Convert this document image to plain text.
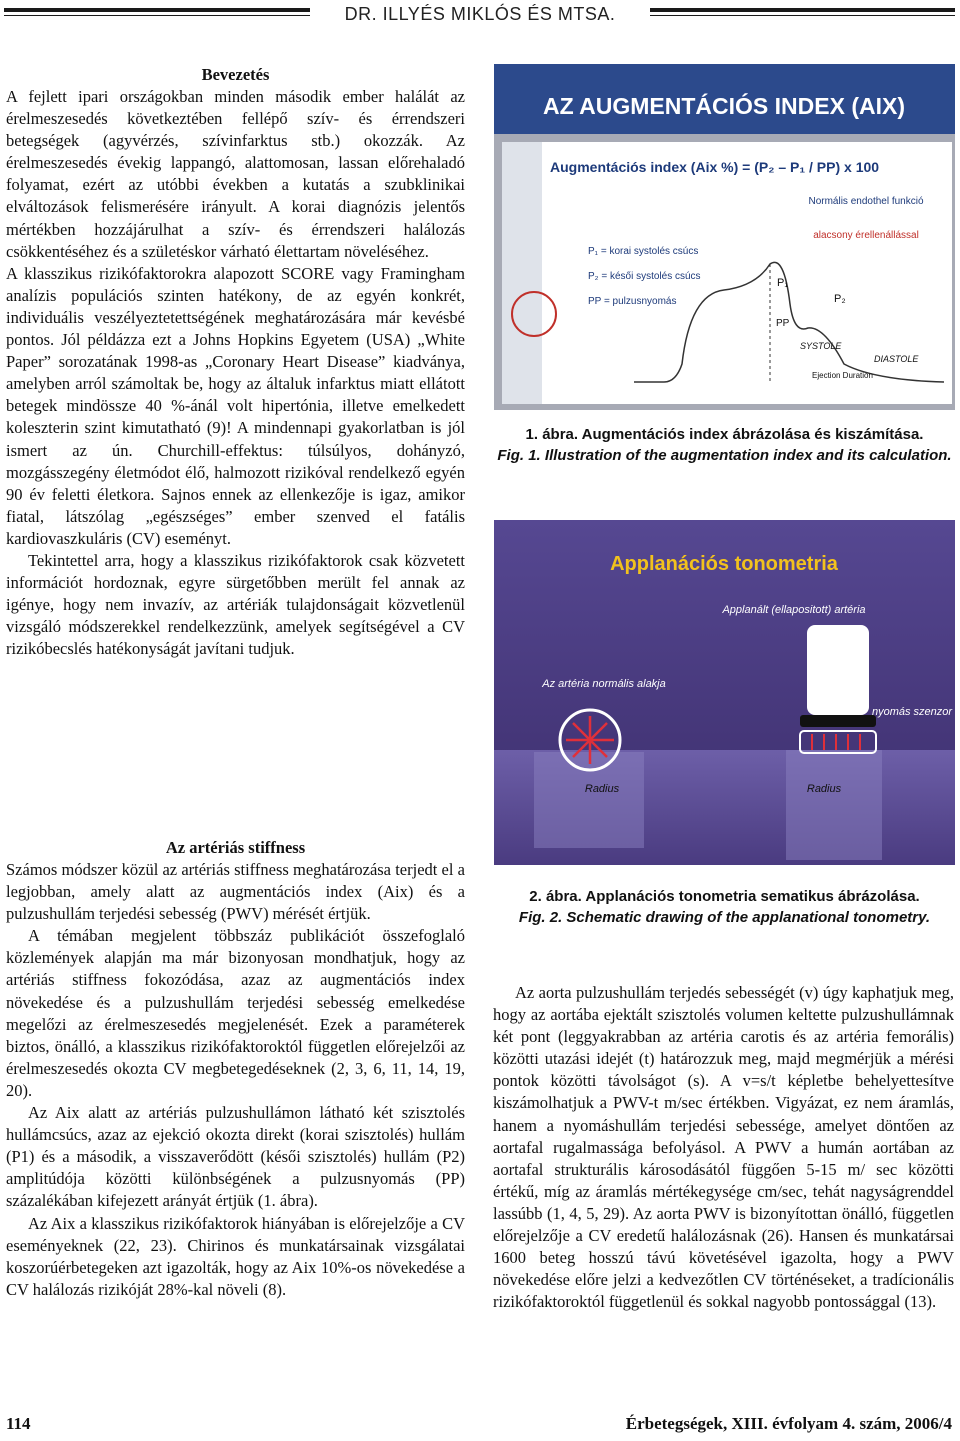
DR. ILLYÉS MIKLÓS ÉS MTSA.
Bevezetés

A fejlett ipari országokban minden második ember halálát az érelmeszesedés következtében fellépő szív- és érrendszeri betegségek (agyvérzés, szívinfarktus stb.) okozzák. Az érelmeszesedés évekig lappangó, alattomosan, lassan előrehaladó folyamat, ezért az utóbbi években a kutatás a szubklinikai elváltozások felismerésére irányult. A korai diagnózis jelentős mértékben hozzájárulhat a szív- és érrendszeri halálozás csökkentéséhez és a születéskor várható élettartam növeléséhez.

A klasszikus rizikófaktorokra alapozott SCORE vagy Framingham analízis populációs szinten hatékony, de az egyén konkrét, individuális veszélyeztetettségének meghatározására már kevésbé pontos. Jól példázza ezt a Johns Hopkins Egyetem (USA) „White Paper” sorozatának 1998-as „Coronary Heart Disease” kiadványa, amelyben arról számoltak be, hogy az általuk infarktus miatt ellátott betegek mindössze 40 %-ánál volt hipertónia, illetve emelkedett koleszterin szint kimutatható (9)! A mindennapi gyakorlatban is jól ismert az ún. Churchill-effektus: túlsúlyos, dohányzó, mozgásszegény életmódot élő, halmozott rizikóval rendelkező egyén 90 év feletti életkora. Sajnos ennek az ellenkezője is igaz, amikor fiatal, látszólag „egészséges” ember szenved el fatális kardiovaszkuláris (CV) eseményt.

Tekintettel arra, hogy a klasszikus rizikófaktorok csak közvetett információt hordoznak, egyre sürgetőbben merült fel annak az igénye, hogy nem invazív, az artériák tulajdonságait közvetlenül vizsgáló módszerekkel rendelkezzünk, amelyek segítségével a CV rizikóbecslés hatékonyságát javítani tudjuk.

Az artériás stiffness

Számos módszer közül az artériás stiffness meghatározása terjedt el a legjobban, amely alatt az augmentációs index (Aix) és a pulzushullám terjedési sebesség (PWV) mérését értjük.

A témában megjelent többszáz publikációt összefoglaló közlemények alapján ma már bizonyosan mondhatjuk, hogy az artériás stiffness fokozódása, azaz az augmentációs index növekedése és a pulzushullám terjedési sebesség emelkedése megelőzi az érelmeszesedés megjelenését. Ezek a paraméterek biztos, önálló, a klasszikus rizikófaktoroktól független előrejelzői az érelmeszesedés okozta CV megbetegedéseknek (2, 3, 6, 11, 14, 19, 20).

Az Aix alatt az artériás pulzushullámon látható két szisztolés hullámcsúcs, azaz az ejekció okozta direkt (korai szisztolés) hullám (P1) és a második, a visszaverődött (késői szisztolés) hullám (P2) amplitúdója közötti különbségének a pulzusnyomás (PP) százalékában kifejezett arányát értjük (1. ábra).

Az Aix a klasszikus rizikófaktorok hiányában is előrejelzője a CV eseményeknek (22, 23). Chirinos és munkatársainak vizsgálatai koszorúérbetegeken azt igazolták, hogy az Aix 10%-os növekedése a CV halálozás rizikóját 28%-kal növeli (8).

AZ AUGMENTÁCIÓS INDEX (AIX)
Augmentációs index (Aix %) = (P₂ – P₁ / PP) x 100
Normális endothel funkció
alacsony érellenállással
P₁ = korai systolés csúcs
P₂ = késői systolés csúcs
PP = pulzusnyomás
P₁
P₂
PP
SYSTOLE
DIASTOLE
Ejection Duration
1. ábra. Augmentációs index ábrázolása és kiszámítása.
Fig. 1. Illustration of the augmentation index and its calculation.
Applanációs tonometria
Applanált (ellapositott) artéria
Az artéria normális alakja
nyomás szenzor
Radius	Radius
2. ábra. Applanációs tonometria sematikus ábrázolása.
Fig. 2. Schematic drawing of the applanational tonometry.

Az aorta pulzushullám terjedés sebességét (v) úgy kaphatjuk meg, hogy az aortába ejektált szisztolés volumen keltette pulzushullámnak két pont (leggyakrabban az artéria carotis és az artéria femorális) közötti utazási idejét (t) határozzuk meg, majd megmérjük a mérési pontok közötti távolságot (s). A v=s/t képletbe behelyettesítve kiszámolhatjuk a PWV-t m/sec értékben. Vigyázat, ez nem áramlás, hanem a nyomáshullám terjedési sebessége, amelyet döntően az aortafal rugalmassága befolyásol. A PWV a humán aortában az aortafal strukturális károsodásától függően 5-15 m/ sec közötti értékű, míg az áramlás mértékegysége cm/sec, tehát nagyságrenddel lassúbb (1, 4, 5, 29). Az aorta PWV is bizonyítottan önálló, független előrejelzője a CV eredetű halálozásnak (26). Hansen és munkatársai 1600 beteg hosszú távú követésével igazolta, hogy a PWV növekedése előre jelzi a kedvezőtlen CV történéseket, a tradícionális rizikófaktoroktól függetlenül és sokkal nagyobb pontossággal (13).

114	Érbetegségek, XIII. évfolyam 4. szám, 2006/4
